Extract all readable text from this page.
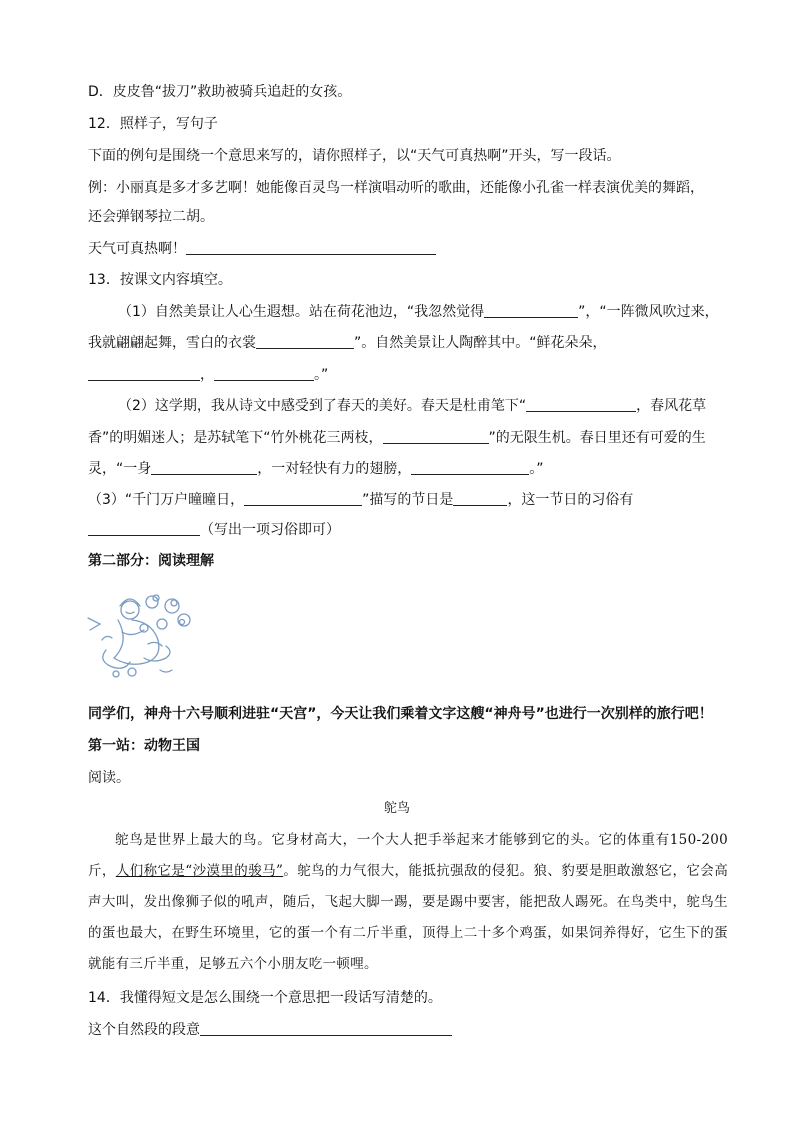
D．皮皮鲁“拔刀”救助被骑兵追赶的女孩。
12．照样子，写句子
下面的例句是围绕一个意思来写的，请你照样子，以“天气可真热啊”开头，写一段话。
例：小丽真是多才多艺啊！她能像百灵鸟一样演唱动听的歌曲，还能像小孔雀一样表演优美的舞蹈，
还会弹钢琴拉二胡。
天气可真热啊！
13．按课文内容填空。
（1）自然美景让人心生遐想。站在荷花池边，“我忽然觉得	”，“一阵微风吹过来，
我就翩翩起舞，雪白的衣裳	”。自然美景让人陶醉其中。“鲜花朵朵，
，	。”
（2）这学期，我从诗文中感受到了春天的美好。春天是杜甫笔下“	，春风花草
香”的明媚迷人；是苏轼笔下“竹外桃花三两枝，	”的无限生机。春日里还有可爱的生
灵，“一身	，一对轻快有力的翅膀，	。”
（3）“千门万户曈曈日，	”描写的节日是	，这一节日的习俗有
（写出一项习俗即可）
第二部分：阅读理解
同学们，神舟十六号顺利进驻“天宫”，今天让我们乘着文字这艘“神舟号”也进行一次别样的旅行吧！
第一站：动物王国
阅读。
鸵鸟

鸵鸟是世界上最大的鸟。它身材高大，一个大人把手举起来才能够到它的头。它的体重有150-200斤，人们称它是“沙漠里的骏马”。鸵鸟的力气很大，能抵抗强敌的侵犯。狼、豹要是胆敢激怒它，它会高声大叫，发出像狮子似的吼声，随后，飞起大脚一踢，要是踢中要害，能把敌人踢死。在鸟类中，鸵鸟生的蛋也最大，在野生环境里，它的蛋一个有二斤半重，顶得上二十多个鸡蛋，如果饲养得好，它生下的蛋就能有三斤半重，足够五六个小朋友吃一顿哩。

14．我懂得短文是怎么围绕一个意思把一段话写清楚的。
这个自然段的段意
